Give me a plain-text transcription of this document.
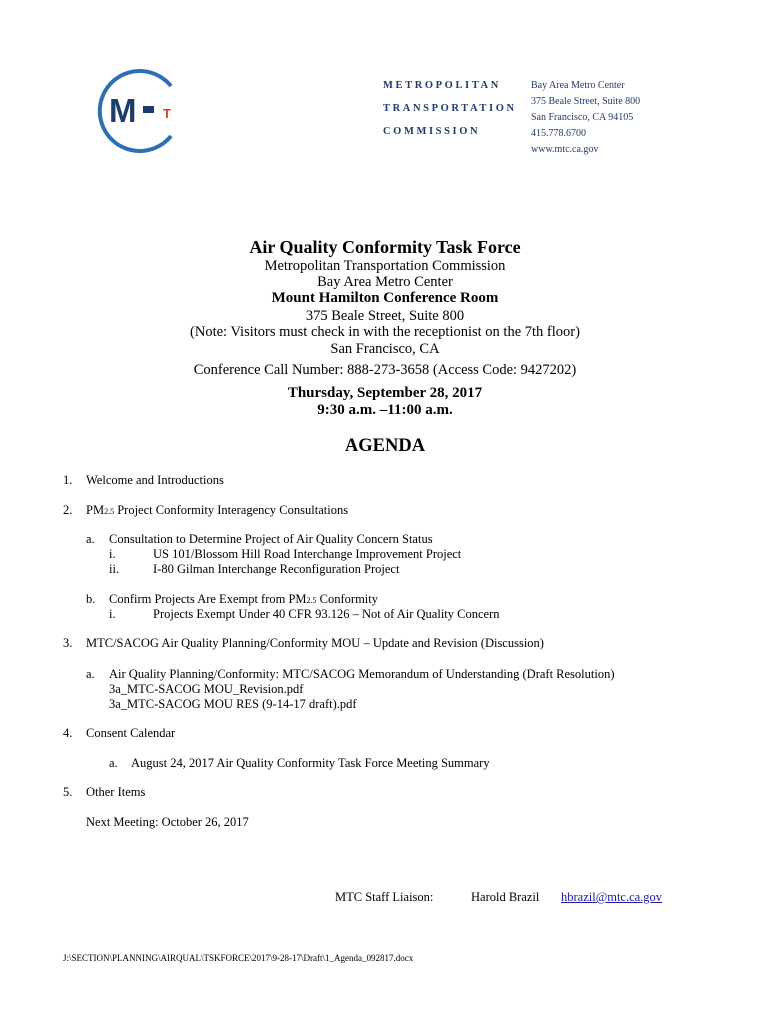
M T
METROPOLITAN
TRANSPORTATION
COMMISSION
Bay Area Metro Center
375 Beale Street, Suite 800
San Francisco, CA 94105
415.778.6700
www.mtc.ca.gov
Air Quality Conformity Task Force
Metropolitan Transportation Commission
Bay Area Metro Center
Mount Hamilton Conference Room
375 Beale Street, Suite 800
(Note: Visitors must check in with the receptionist on the 7th floor)
San Francisco, CA
Conference Call Number: 888-273-3658 (Access Code: 9427202)
Thursday, September 28, 2017
9:30 a.m. –11:00 a.m.
AGENDA
1. Welcome and Introductions
2. PM2.5 Project Conformity Interagency Consultations
a. Consultation to Determine Project of Air Quality Concern Status
i.	US 101/Blossom Hill Road Interchange Improvement Project
ii.	I-80 Gilman Interchange Reconfiguration Project
b. Confirm Projects Are Exempt from PM2.5 Conformity
i.	Projects Exempt Under 40 CFR 93.126 – Not of Air Quality Concern
3. MTC/SACOG Air Quality Planning/Conformity MOU – Update and Revision (Discussion)
a. Air Quality Planning/Conformity: MTC/SACOG Memorandum of Understanding (Draft Resolution)
3a_MTC-SACOG MOU_Revision.pdf
3a_MTC-SACOG MOU RES (9-14-17 draft).pdf
4. Consent Calendar
a. August 24, 2017 Air Quality Conformity Task Force Meeting Summary
5. Other Items
Next Meeting: October 26, 2017
MTC Staff Liaison:	Harold Brazil hbrazil@mtc.ca.gov
J:\SECTION\PLANNING\AIRQUAL\TSKFORCE\2017\9-28-17\Draft\1_Agenda_092817.docx
